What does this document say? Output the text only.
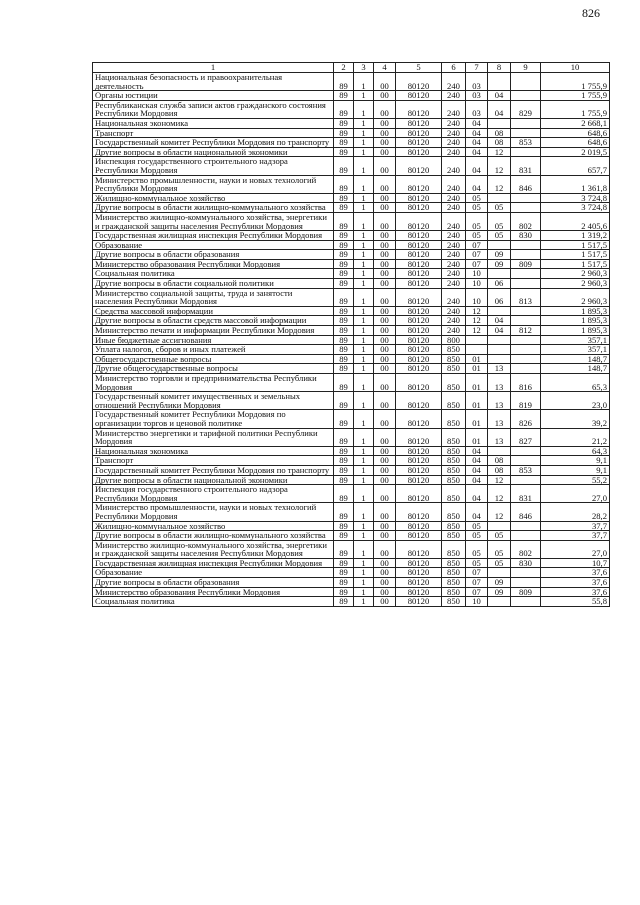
826
1	2	3	4	5	6	7	8	9	10
Национальная безопасность и правоохранительная деятельность	89	1	00	80120	240	03			1 755,9
Органы юстиции	89	1	00	80120	240	03	04		1 755,9
Республиканская служба записи актов гражданского состояния Республики Мордовия	89	1	00	80120	240	03	04	829	1 755,9
Национальная экономика	89	1	00	80120	240	04			2 668,1
Транспорт	89	1	00	80120	240	04	08		648,6
Государственный комитет Республики Мордовия по транспорту	89	1	00	80120	240	04	08	853	648,6
Другие вопросы в области национальной экономики	89	1	00	80120	240	04	12		2 019,5
Инспекция государственного строительного надзора Республики Мордовия	89	1	00	80120	240	04	12	831	657,7
Министерство промышленности, науки и новых технологий Республики Мордовия	89	1	00	80120	240	04	12	846	1 361,8
Жилищно-коммунальное хозяйство	89	1	00	80120	240	05			3 724,8
Другие вопросы в области жилищно-коммунального хозяйства	89	1	00	80120	240	05	05		3 724,8
Министерство жилищно-коммунального хозяйства, энергетики и гражданской защиты населения Республики Мордовия	89	1	00	80120	240	05	05	802	2 405,6
Государственная жилищная инспекция Республики Мордовия	89	1	00	80120	240	05	05	830	1 319,2
Образование	89	1	00	80120	240	07			1 517,5
Другие вопросы в области образования	89	1	00	80120	240	07	09		1 517,5
Министерство образования Республики Мордовия	89	1	00	80120	240	07	09	809	1 517,5
Социальная политика	89	1	00	80120	240	10			2 960,3
Другие вопросы в области социальной политики	89	1	00	80120	240	10	06		2 960,3
Министерство социальной защиты, труда и занятости населения Республики Мордовия	89	1	00	80120	240	10	06	813	2 960,3
Средства массовой информации	89	1	00	80120	240	12			1 895,3
Другие вопросы в области средств массовой информации	89	1	00	80120	240	12	04		1 895,3
Министерство печати и информации Республики Мордовия	89	1	00	80120	240	12	04	812	1 895,3
Иные бюджетные ассигнования	89	1	00	80120	800				357,1
Уплата налогов, сборов и иных платежей	89	1	00	80120	850				357,1
Общегосударственные вопросы	89	1	00	80120	850	01			148,7
Другие общегосударственные вопросы	89	1	00	80120	850	01	13		148,7
Министерство торговли и предпринимательства Республики Мордовия	89	1	00	80120	850	01	13	816	65,3
Государственный комитет имущественных и земельных отношений Республики Мордовия	89	1	00	80120	850	01	13	819	23,0
Государственный комитет Республики Мордовия по организации торгов и ценовой политике	89	1	00	80120	850	01	13	826	39,2
Министерство энергетики и тарифной политики Республики Мордовия	89	1	00	80120	850	01	13	827	21,2
Национальная экономика	89	1	00	80120	850	04			64,3
Транспорт	89	1	00	80120	850	04	08		9,1
Государственный комитет Республики Мордовия по транспорту	89	1	00	80120	850	04	08	853	9,1
Другие вопросы в области национальной экономики	89	1	00	80120	850	04	12		55,2
Инспекция государственного строительного надзора Республики Мордовия	89	1	00	80120	850	04	12	831	27,0
Министерство промышленности, науки и новых технологий Республики Мордовия	89	1	00	80120	850	04	12	846	28,2
Жилищно-коммунальное хозяйство	89	1	00	80120	850	05			37,7
Другие вопросы в области жилищно-коммунального хозяйства	89	1	00	80120	850	05	05		37,7
Министерство жилищно-коммунального хозяйства, энергетики и гражданской защиты населения Республики Мордовия	89	1	00	80120	850	05	05	802	27,0
Государственная жилищная инспекция Республики Мордовия	89	1	00	80120	850	05	05	830	10,7
Образование	89	1	00	80120	850	07			37,6
Другие вопросы в области образования	89	1	00	80120	850	07	09		37,6
Министерство образования Республики Мордовия	89	1	00	80120	850	07	09	809	37,6
Социальная политика	89	1	00	80120	850	10			55,8
